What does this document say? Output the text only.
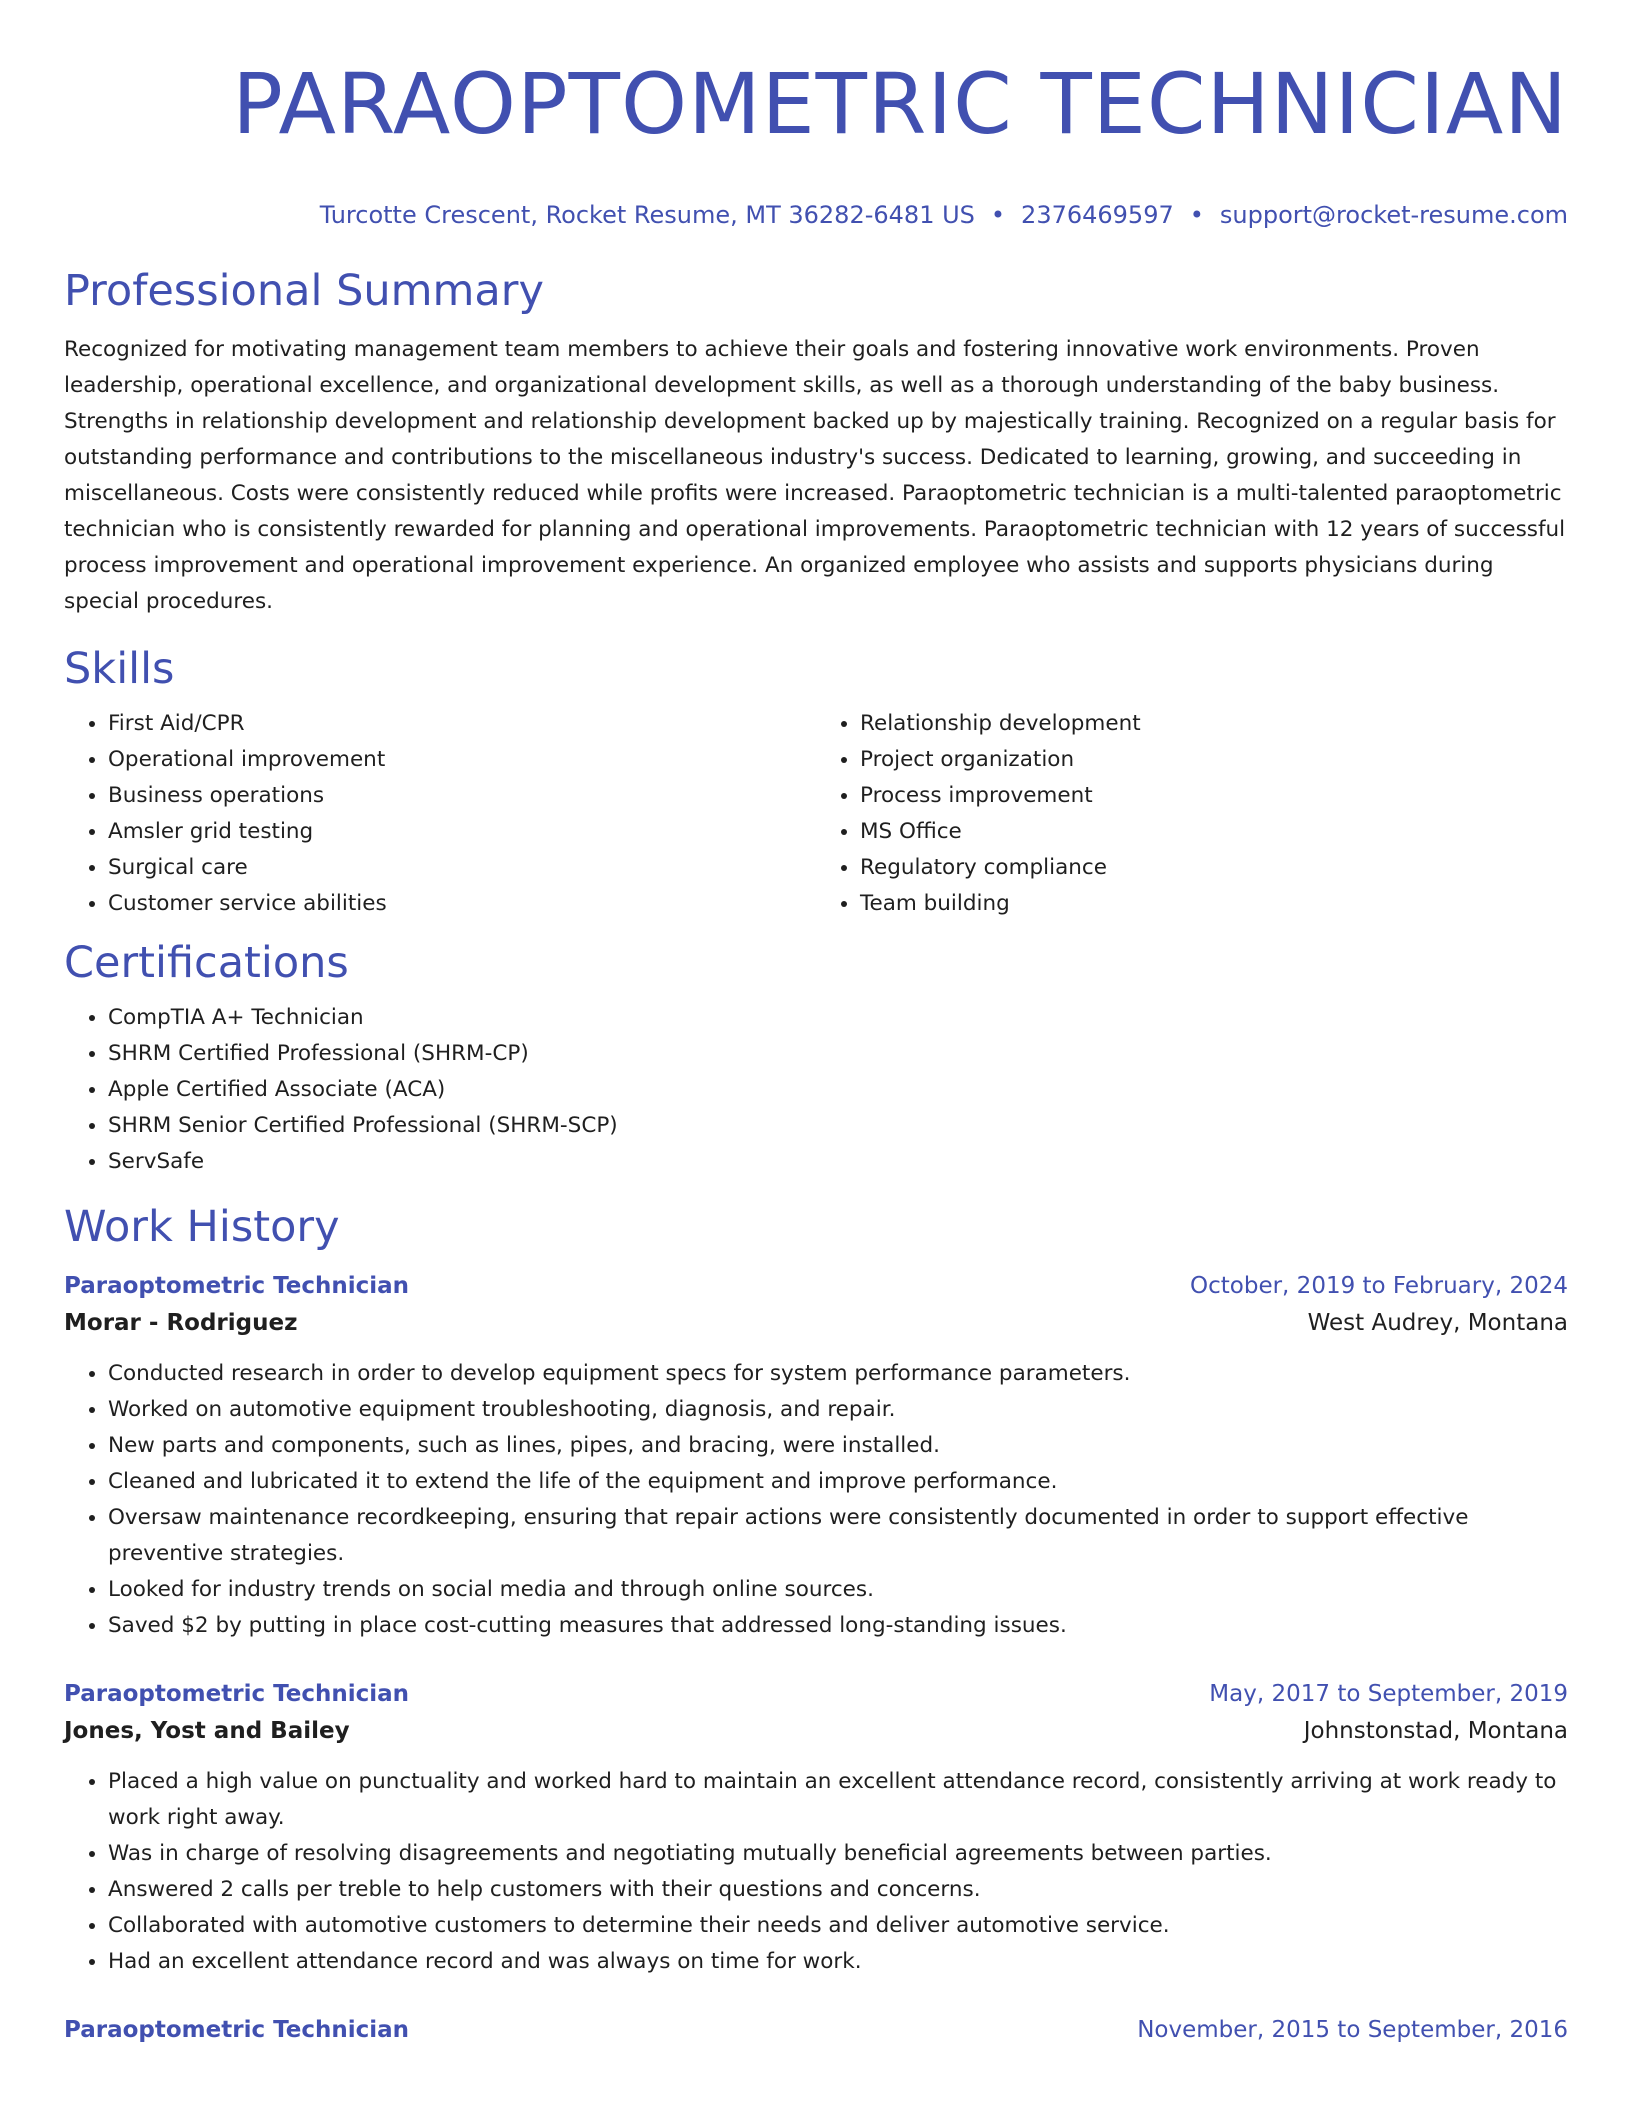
PARAOPTOMETRIC TECHNICIAN
Turcotte Crescent, Rocket Resume, MT 36282-6481 US • 2376469597 • support@rocket-resume.com
Professional Summary

Recognized for motivating management team members to achieve their goals and fostering innovative work environments. Proven leadership, operational excellence, and organizational development skills, as well as a thorough understanding of the baby business. Strengths in relationship development and relationship development backed up by majestically training. Recognized on a regular basis for outstanding performance and contributions to the miscellaneous industry's success. Dedicated to learning, growing, and succeeding in miscellaneous. Costs were consistently reduced while profits were increased. Paraoptometric technician is a multi-talented paraoptometric technician who is consistently rewarded for planning and operational improvements. Paraoptometric technician with 12 years of successful process improvement and operational improvement experience. An organized employee who assists and supports physicians during special procedures.

Skills
• First Aid/CPR
• Operational improvement
• Business operations
• Amsler grid testing
• Surgical care
• Customer service abilities
• Relationship development
• Project organization
• Process improvement
• MS Office
• Regulatory compliance
• Team building
Certifications
• CompTIA A+ Technician
• SHRM Certified Professional (SHRM-CP)
• Apple Certified Associate (ACA)
• SHRM Senior Certified Professional (SHRM-SCP)
• ServSafe
Work History
Paraoptometric Technician	October, 2019 to February, 2024
Morar - Rodriguez	West Audrey, Montana
• Conducted research in order to develop equipment specs for system performance parameters.
• Worked on automotive equipment troubleshooting, diagnosis, and repair.
• New parts and components, such as lines, pipes, and bracing, were installed.
• Cleaned and lubricated it to extend the life of the equipment and improve performance.
• Oversaw maintenance recordkeeping, ensuring that repair actions were consistently documented in order to support effective preventive strategies.
• Looked for industry trends on social media and through online sources.
• Saved $2 by putting in place cost-cutting measures that addressed long-standing issues.
Paraoptometric Technician	May, 2017 to September, 2019
Jones, Yost and Bailey	Johnstonstad, Montana
• Placed a high value on punctuality and worked hard to maintain an excellent attendance record, consistently arriving at work ready to work right away.
• Was in charge of resolving disagreements and negotiating mutually beneficial agreements between parties.
• Answered 2 calls per treble to help customers with their questions and concerns.
• Collaborated with automotive customers to determine their needs and deliver automotive service.
• Had an excellent attendance record and was always on time for work.
Paraoptometric Technician	November, 2015 to September, 2016
